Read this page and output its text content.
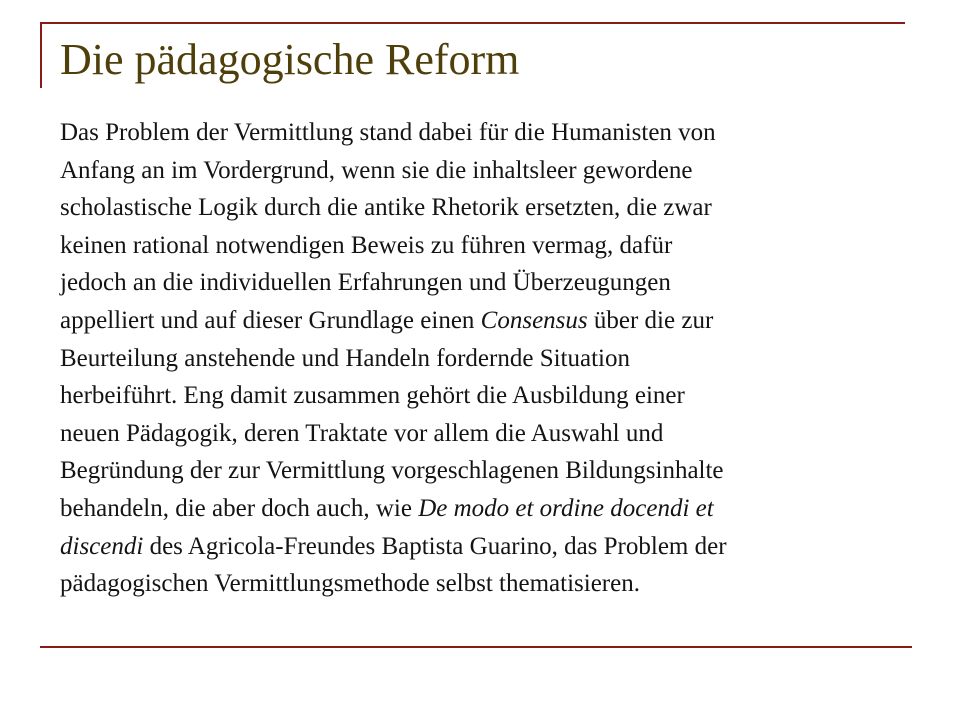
Die pädagogische Reform

Das Problem der Vermittlung stand dabei für die Humanisten von
Anfang an im Vordergrund, wenn sie die inhaltsleer gewordene
scholastische Logik durch die antike Rhetorik ersetzten, die zwar
keinen rational notwendigen Beweis zu führen vermag, dafür
jedoch an die individuellen Erfahrungen und Überzeugungen
appelliert und auf dieser Grundlage einen Consensus über die zur
Beurteilung anstehende und Handeln fordernde Situation
herbeiführt. Eng damit zusammen gehört die Ausbildung einer
neuen Pädagogik, deren Traktate vor allem die Auswahl und
Begründung der zur Vermittlung vorgeschlagenen Bildungsinhalte
behandeln, die aber doch auch, wie De modo et ordine docendi et
discendi des Agricola-Freundes Baptista Guarino, das Problem der
pädagogischen Vermittlungsmethode selbst thematisieren.
